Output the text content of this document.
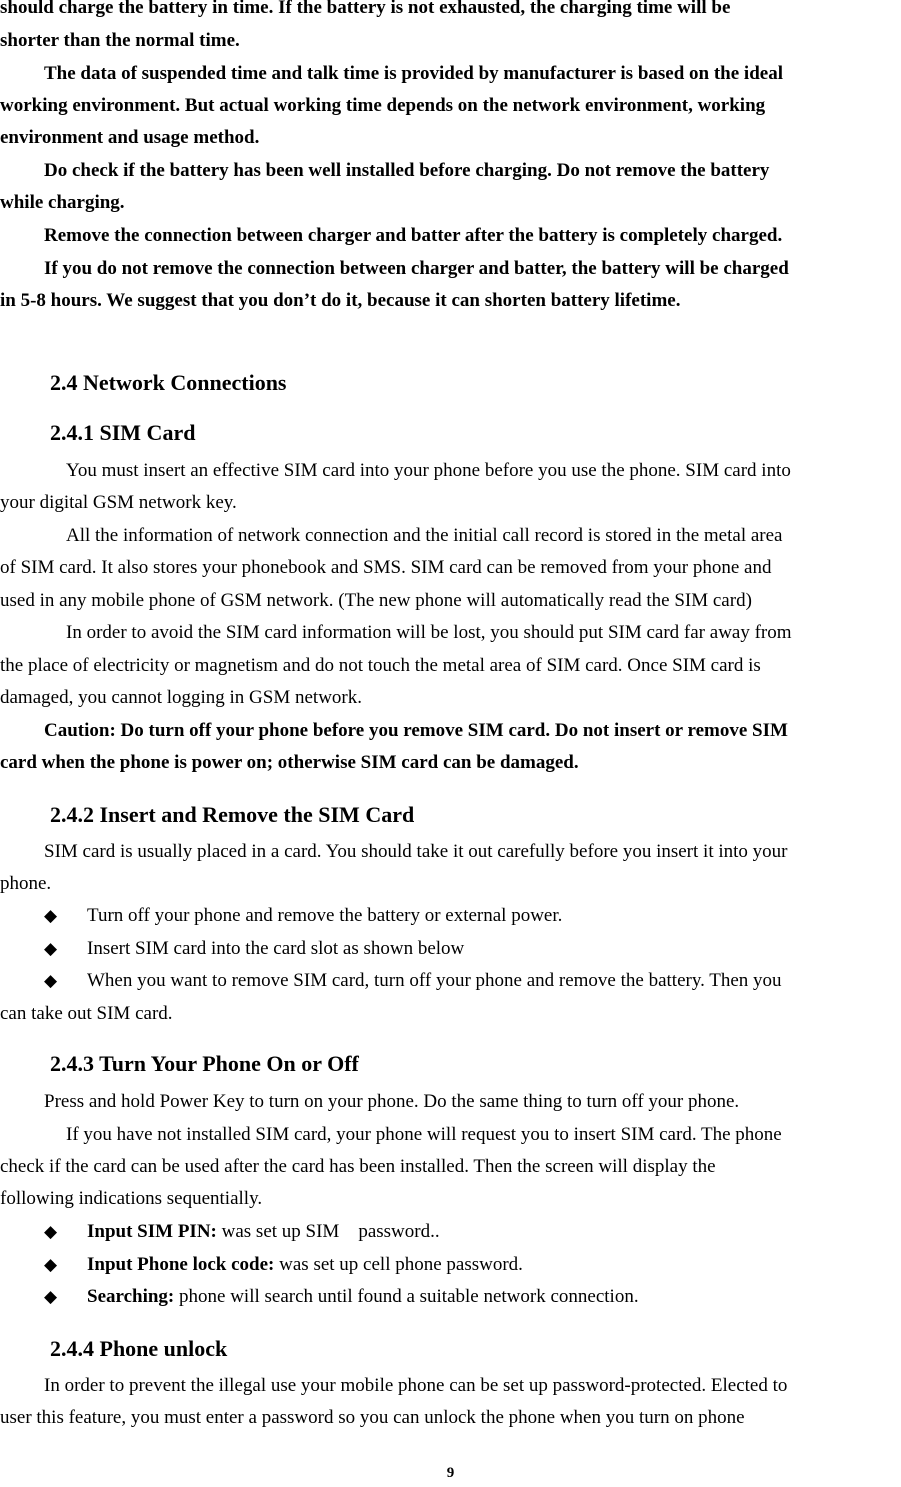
should charge the battery in time. If the battery is not exhausted, the charging time will be
shorter than the normal time.
The data of suspended time and talk time is provided by manufacturer is based on the ideal
working environment. But actual working time depends on the network environment, working
environment and usage method.
Do check if the battery has been well installed before charging. Do not remove the battery
while charging.
Remove the connection between charger and batter after the battery is completely charged.
If you do not remove the connection between charger and batter, the battery will be charged
in 5-8 hours. We suggest that you don’t do it, because it can shorten battery lifetime.
2.4 Network Connections
2.4.1 SIM Card
You must insert an effective SIM card into your phone before you use the phone. SIM card into
your digital GSM network key.
All the information of network connection and the initial call record is stored in the metal area
of SIM card. It also stores your phonebook and SMS. SIM card can be removed from your phone and
used in any mobile phone of GSM network. (The new phone will automatically read the SIM card)
In order to avoid the SIM card information will be lost, you should put SIM card far away from
the place of electricity or magnetism and do not touch the metal area of SIM card. Once SIM card is
damaged, you cannot logging in GSM network.
Caution: Do turn off your phone before you remove SIM card. Do not insert or remove SIM
card when the phone is power on; otherwise SIM card can be damaged.
2.4.2 Insert and Remove the SIM Card
SIM card is usually placed in a card. You should take it out carefully before you insert it into your
phone.
◆ Turn off your phone and remove the battery or external power.
◆ Insert SIM card into the card slot as shown below
◆ When you want to remove SIM card, turn off your phone and remove the battery. Then you
can take out SIM card.
2.4.3 Turn Your Phone On or Off
Press and hold Power Key to turn on your phone. Do the same thing to turn off your phone.
If you have not installed SIM card, your phone will request you to insert SIM card. The phone
check if the card can be used after the card has been installed. Then the screen will display the
following indications sequentially.
◆ Input SIM PIN: was set up SIM    password..
◆ Input Phone lock code: was set up cell phone password.
◆ Searching: phone will search until found a suitable network connection.
2.4.4 Phone unlock
In order to prevent the illegal use your mobile phone can be set up password-protected. Elected to
user this feature, you must enter a password so you can unlock the phone when you turn on phone
9
